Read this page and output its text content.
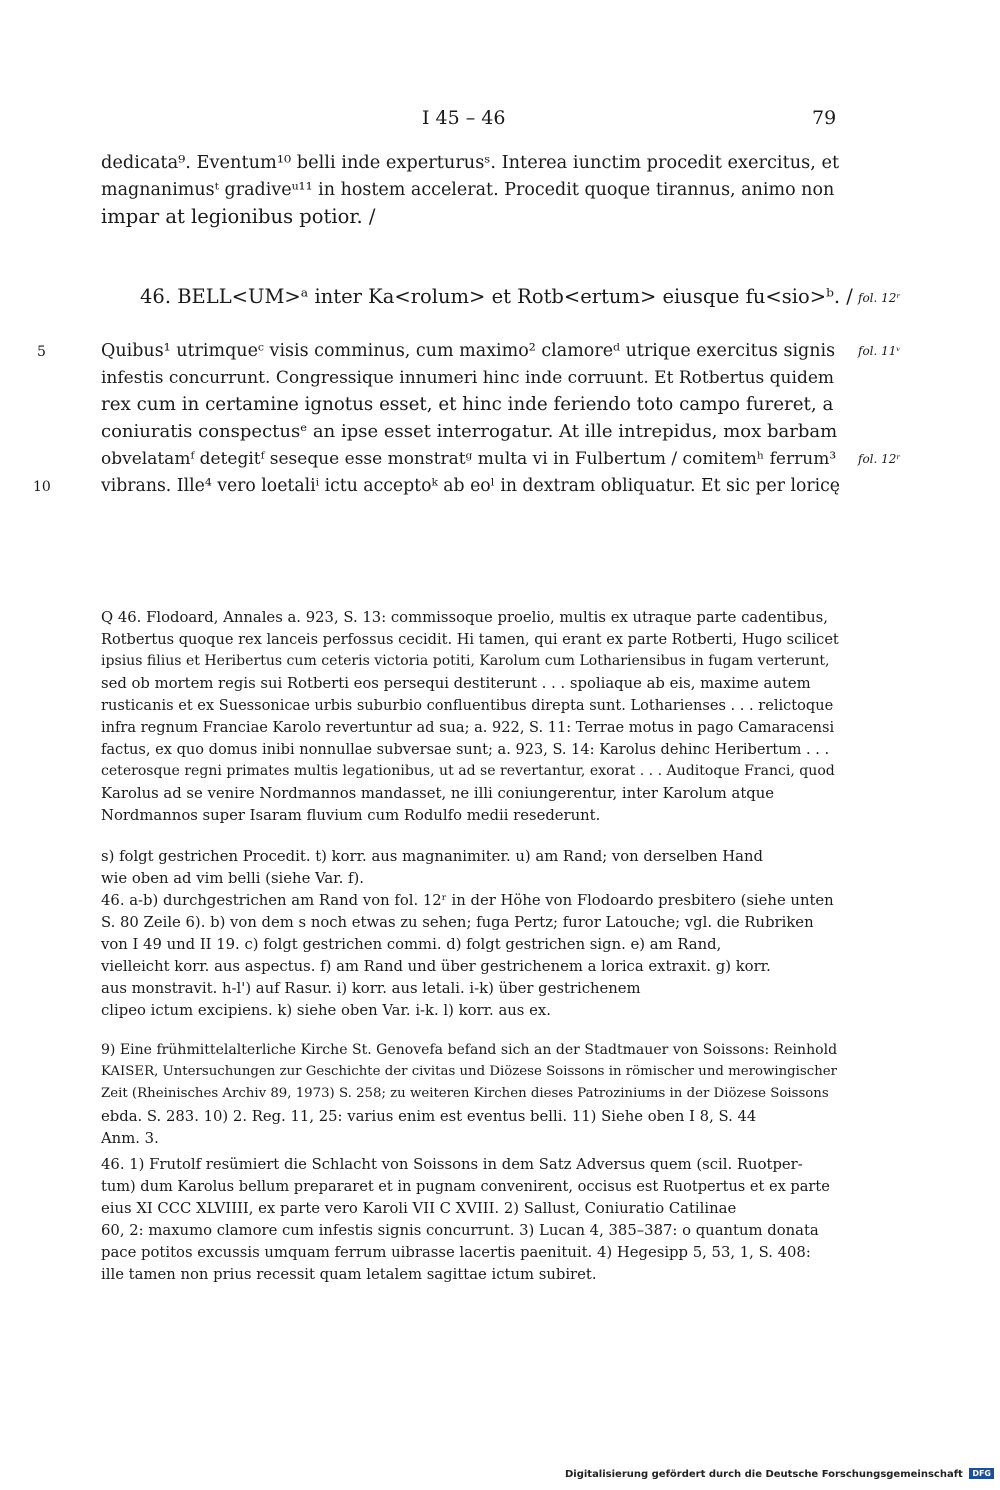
I 45 – 46	79
dedicata⁹. Eventum¹⁰ belli inde experturusˢ. Interea iunctim procedit exercitus, et
magnanimusᵗ gradiveᵘ¹¹ in hostem accelerat. Procedit quoque tirannus, animo non
impar at legionibus potior. /
46. BELL<UM>ᵃ inter Ka<rolum> et Rotb<ertum> eiusque fu<sio>ᵇ. / fol. 12ʳ
Quibus¹ utrimqueᶜ visis comminus, cum maximo² clamoreᵈ utrique exercitus signis
infestis concurrunt. Congressique innumeri hinc inde corruunt. Et Rotbertus quidem
rex cum in certamine ignotus esset, et hinc inde feriendo toto campo fureret, a
coniuratis conspectusᵉ an ipse esset interrogatur. At ille intrepidus, mox barbam
obvelatamᶠ detegitᶠ seseque esse monstratᵍ multa vi in Fulbertum / comitemʰ ferrum³
vibrans. Ille⁴ vero loetaliⁱ ictu acceptoᵏ ab eoˡ in dextram obliquatur. Et sic per loricę
5
10
fol. 11ᵛ
fol. 12ʳ
Q 46. Flodoard, Annales a. 923, S. 13: commissoque proelio, multis ex utraque parte cadentibus,
Rotbertus quoque rex lanceis perfossus cecidit. Hi tamen, qui erant ex parte Rotberti, Hugo scilicet
ipsius filius et Heribertus cum ceteris victoria potiti, Karolum cum Lothariensibus in fugam verterunt,
sed ob mortem regis sui Rotberti eos persequi destiterunt . . . spoliaque ab eis, maxime autem
rusticanis et ex Suessonicae urbis suburbio confluentibus direpta sunt. Lotharienses . . . relictoque
infra regnum Franciae Karolo revertuntur ad sua; a. 922, S. 11: Terrae motus in pago Camaracensi
factus, ex quo domus inibi nonnullae subversae sunt; a. 923, S. 14: Karolus dehinc Heribertum . . .
ceterosque regni primates multis legationibus, ut ad se revertantur, exorat . . . Auditoque Franci, quod
Karolus ad se venire Nordmannos mandasset, ne illi coniungerentur, inter Karolum atque
Nordmannos super Isaram fluvium cum Rodulfo medii resederunt.
s) folgt gestrichen Procedit. t) korr. aus magnanimiter. u) am Rand; von derselben Hand
wie oben ad vim belli (siehe Var. f).
46. a-b) durchgestrichen am Rand von fol. 12ʳ in der Höhe von Flodoardo presbitero (siehe unten
S. 80 Zeile 6). b) von dem s noch etwas zu sehen; fuga Pertz; furor Latouche; vgl. die Rubriken
von I 49 und II 19. c) folgt gestrichen commi. d) folgt gestrichen sign. e) am Rand,
vielleicht korr. aus aspectus. f) am Rand und über gestrichenem a lorica extraxit. g) korr.
aus monstravit. h-l') auf Rasur. i) korr. aus letali. i-k) über gestrichenem
clipeo ictum excipiens. k) siehe oben Var. i-k. l) korr. aus ex.
9) Eine frühmittelalterliche Kirche St. Genovefa befand sich an der Stadtmauer von Soissons: Reinhold
KAISER, Untersuchungen zur Geschichte der civitas und Diözese Soissons in römischer und merowingischer
Zeit (Rheinisches Archiv 89, 1973) S. 258; zu weiteren Kirchen dieses Patroziniums in der Diözese Soissons
ebda. S. 283. 10) 2. Reg. 11, 25: varius enim est eventus belli. 11) Siehe oben I 8, S. 44
Anm. 3.
46. 1) Frutolf resümiert die Schlacht von Soissons in dem Satz Adversus quem (scil. Ruotper-
tum) dum Karolus bellum prepararet et in pugnam convenirent, occisus est Ruotpertus et ex parte
eius XI CCC XLVIIII, ex parte vero Karoli VII C XVIII. 2) Sallust, Coniuratio Catilinae
60, 2: maxumo clamore cum infestis signis concurrunt. 3) Lucan 4, 385–387: o quantum donata
pace potitos excussis umquam ferrum uibrasse lacertis paenituit. 4) Hegesipp 5, 53, 1, S. 408:
ille tamen non prius recessit quam letalem sagittae ictum subiret.
Digitalisierung gefördert durch die Deutsche Forschungsgemeinschaft DFG
